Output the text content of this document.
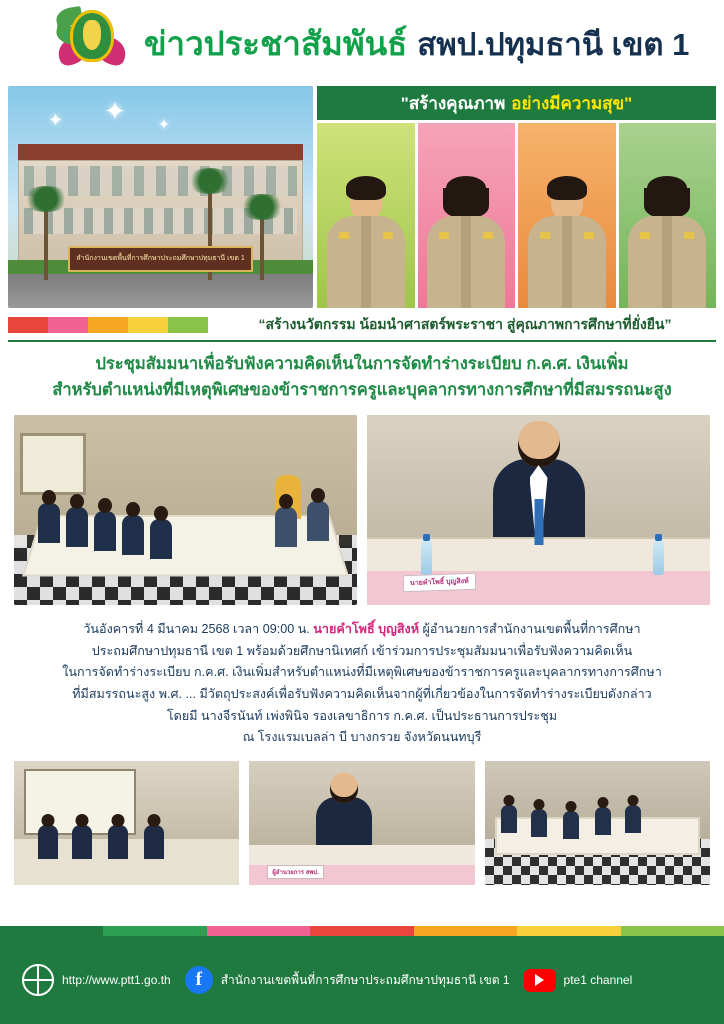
ข่าวประชาสัมพันธ์ สพป.ปทุมธานี เขต 1
✦ ✦ ✦
สำนักงานเขตพื้นที่การศึกษาประถมศึกษาปทุมธานี เขต 1
"สร้างคุณภาพ อย่างมีความสุข"
“สร้างนวัตกรรม น้อมนำศาสตร์พระราชา สู่คุณภาพการศึกษาที่ยั่งยืน”
ประชุมสัมมนาเพื่อรับฟังความคิดเห็นในการจัดทำร่างระเบียบ ก.ค.ศ. เงินเพิ่ม
สำหรับตำแหน่งที่มีเหตุพิเศษของข้าราชการครูและบุคลากรทางการศึกษาที่มีสมรรถนะสูง
นายคำโพธิ์ บุญสิงห์
วันอังคารที่ 4 มีนาคม 2568 เวลา 09:00 น. นายคำโพธิ์ บุญสิงห์ ผู้อำนวยการสำนักงานเขตพื้นที่การศึกษา
ประถมศึกษาปทุมธานี เขต 1 พร้อมด้วยศึกษานิเทศก์ เข้าร่วมการประชุมสัมมนาเพื่อรับฟังความคิดเห็น
ในการจัดทำร่างระเบียบ ก.ค.ศ. เงินเพิ่มสำหรับตำแหน่งที่มีเหตุพิเศษของข้าราชการครูและบุคลากรทางการศึกษา
ที่มีสมรรถนะสูง พ.ศ. ... มีวัตถุประสงค์เพื่อรับฟังความคิดเห็นจากผู้ที่เกี่ยวข้องในการจัดทำร่างระเบียบดังกล่าว
โดยมี นางจีรนันท์ เพ่งพินิจ รองเลขาธิการ ก.ค.ศ. เป็นประธานการประชุม
ณ โรงแรมเบลล่า บี บางกรวย จังหวัดนนทบุรี
ผู้อำนวยการ สพป.
http://www.ptt1.go.th	f	สำนักงานเขตพื้นที่การศึกษาประถมศึกษาปทุมธานี เขต 1	pte1 channel
